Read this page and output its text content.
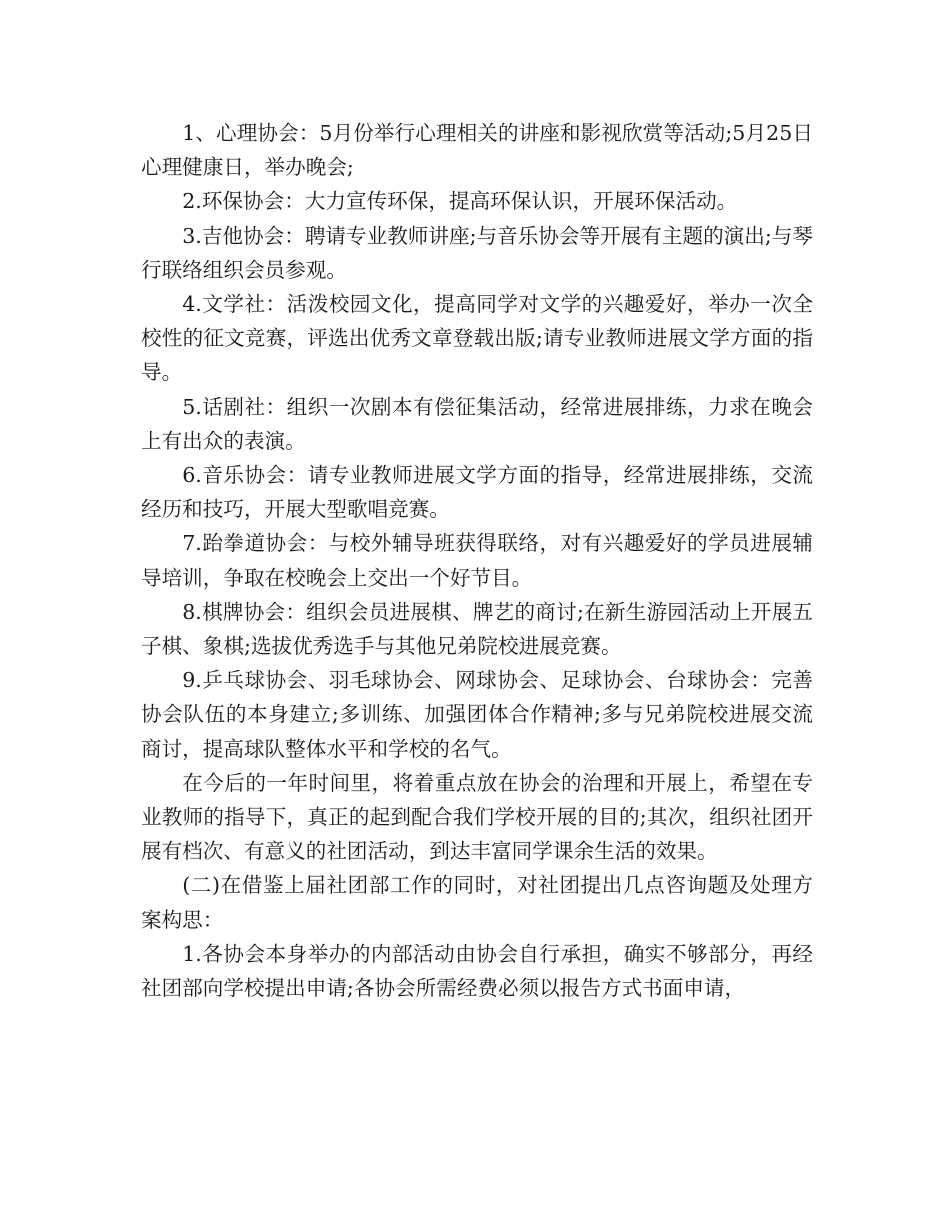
1、心理协会：5月份举行心理相关的讲座和影视欣赏等活动;5月25日心理健康日，举办晚会;

2.环保协会：大力宣传环保，提高环保认识，开展环保活动。

3.吉他协会：聘请专业教师讲座;与音乐协会等开展有主题的演出;与琴行联络组织会员参观。

4.文学社：活泼校园文化，提高同学对文学的兴趣爱好，举办一次全校性的征文竞赛，评选出优秀文章登载出版;请专业教师进展文学方面的指导。

5.话剧社：组织一次剧本有偿征集活动，经常进展排练，力求在晚会上有出众的表演。

6.音乐协会：请专业教师进展文学方面的指导，经常进展排练，交流经历和技巧，开展大型歌唱竞赛。

7.跆拳道协会：与校外辅导班获得联络，对有兴趣爱好的学员进展辅导培训，争取在校晚会上交出一个好节目。

8.棋牌协会：组织会员进展棋、牌艺的商讨;在新生游园活动上开展五子棋、象棋;选拔优秀选手与其他兄弟院校进展竞赛。

9.乒乓球协会、羽毛球协会、网球协会、足球协会、台球协会：完善协会队伍的本身建立;多训练、加强团体合作精神;多与兄弟院校进展交流商讨，提高球队整体水平和学校的名气。

在今后的一年时间里，将着重点放在协会的治理和开展上，希望在专业教师的指导下，真正的起到配合我们学校开展的目的;其次，组织社团开展有档次、有意义的社团活动，到达丰富同学课余生活的效果。

(二)在借鉴上届社团部工作的同时，对社团提出几点咨询题及处理方案构思：

1.各协会本身举办的内部活动由协会自行承担，确实不够部分，再经社团部向学校提出申请;各协会所需经费必须以报告方式书面申请，
